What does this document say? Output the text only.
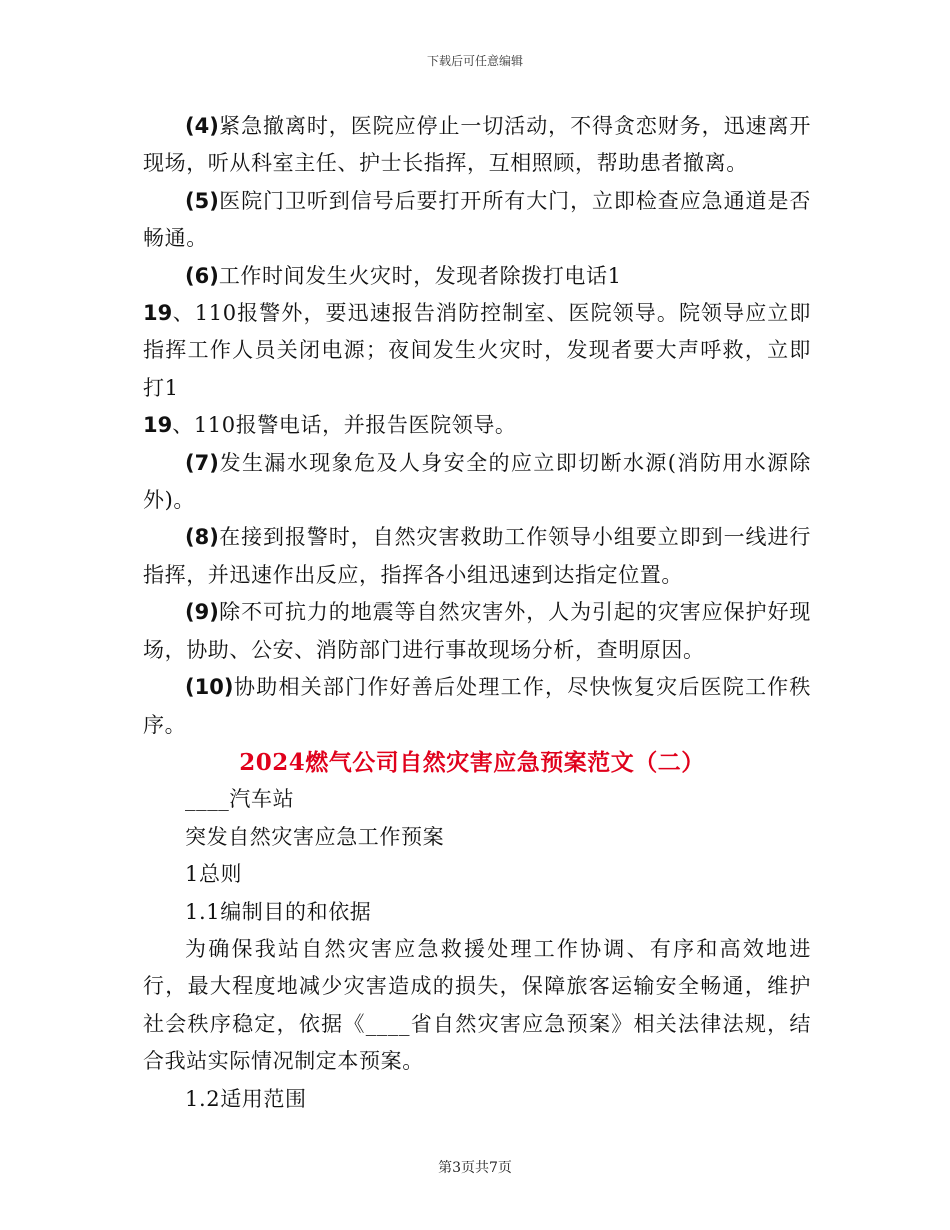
下载后可任意编辑

(4)紧急撤离时，医院应停止一切活动，不得贪恋财务，迅速离开现场，听从科室主任、护士长指挥，互相照顾，帮助患者撤离。

(5)医院门卫听到信号后要打开所有大门，立即检查应急通道是否畅通。

(6)工作时间发生火灾时，发现者除拨打电话1

19、110报警外，要迅速报告消防控制室、医院领导。院领导应立即指挥工作人员关闭电源；夜间发生火灾时，发现者要大声呼救，立即打1

19、110报警电话，并报告医院领导。

(7)发生漏水现象危及人身安全的应立即切断水源(消防用水源除外)。

(8)在接到报警时，自然灾害救助工作领导小组要立即到一线进行指挥，并迅速作出反应，指挥各小组迅速到达指定位置。

(9)除不可抗力的地震等自然灾害外，人为引起的灾害应保护好现场，协助、公安、消防部门进行事故现场分析，查明原因。

(10)协助相关部门作好善后处理工作，尽快恢复灾后医院工作秩序。

2024燃气公司自然灾害应急预案范文（二）

____汽车站

突发自然灾害应急工作预案

1总则

1.1编制目的和依据

为确保我站自然灾害应急救援处理工作协调、有序和高效地进行，最大程度地减少灾害造成的损失，保障旅客运输安全畅通，维护社会秩序稳定，依据《____省自然灾害应急预案》相关法律法规，结合我站实际情况制定本预案。

1.2适用范围

第3页共7页
